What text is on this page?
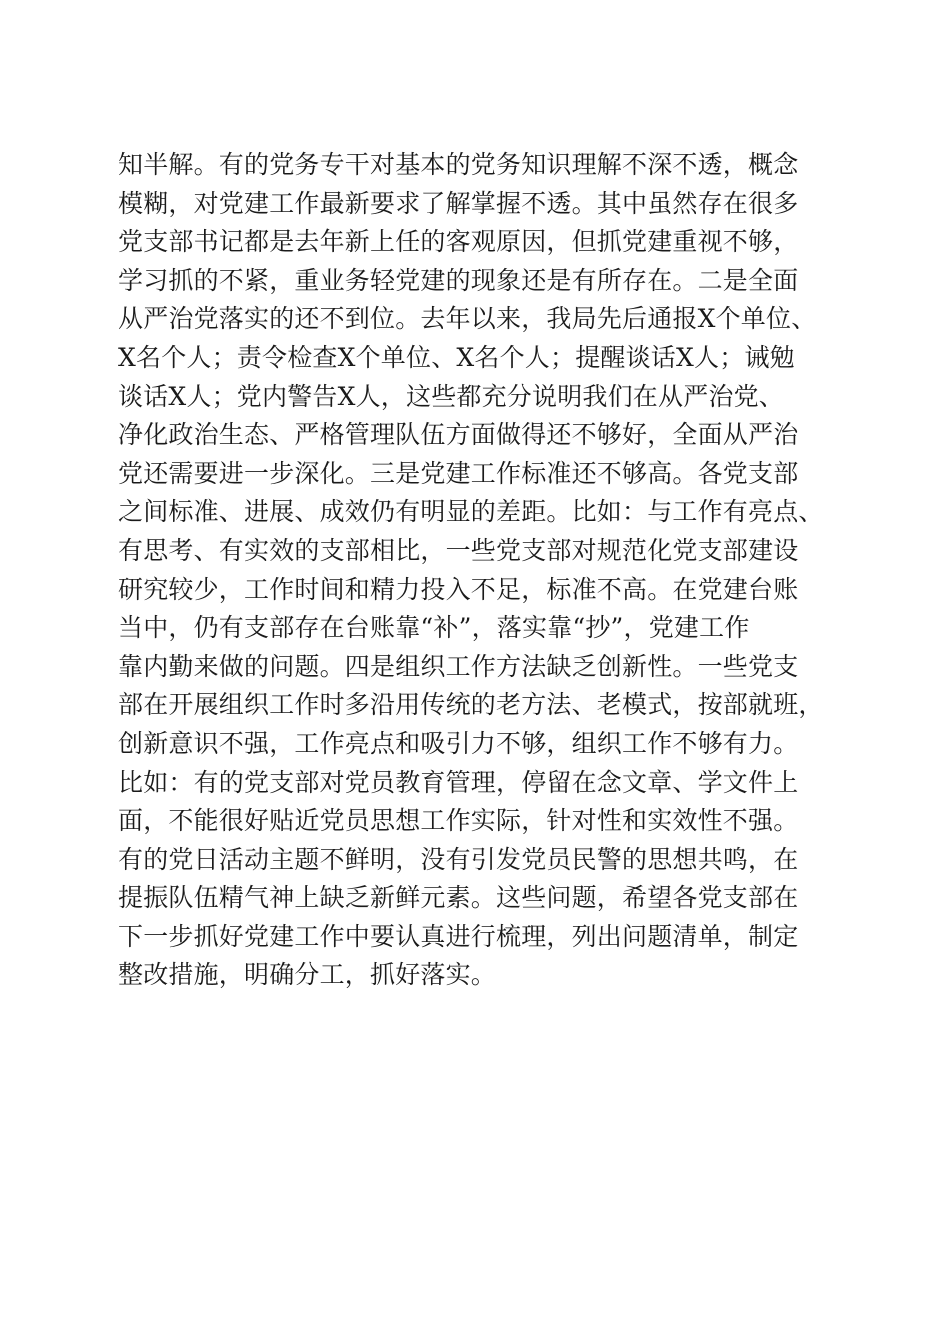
知半解。有的党务专干对基本的党务知识理解不深不透，概念
模糊，对党建工作最新要求了解掌握不透。其中虽然存在很多
党支部书记都是去年新上任的客观原因，但抓党建重视不够，
学习抓的不紧，重业务轻党建的现象还是有所存在。二是全面
从严治党落实的还不到位。去年以来，我局先后通报X个单位、
X名个人；责令检查X个单位、X名个人；提醒谈话X人；诫勉
谈话X人；党内警告X人，这些都充分说明我们在从严治党、
净化政治生态、严格管理队伍方面做得还不够好，全面从严治
党还需要进一步深化。三是党建工作标准还不够高。各党支部
之间标准、进展、成效仍有明显的差距。比如：与工作有亮点、
有思考、有实效的支部相比，一些党支部对规范化党支部建设
研究较少，工作时间和精力投入不足，标准不高。在党建台账
当中，仍有支部存在台账靠“补”，落实靠“抄”，党建工作
靠内勤来做的问题。四是组织工作方法缺乏创新性。一些党支
部在开展组织工作时多沿用传统的老方法、老模式，按部就班，
创新意识不强，工作亮点和吸引力不够，组织工作不够有力。
比如：有的党支部对党员教育管理，停留在念文章、学文件上
面，不能很好贴近党员思想工作实际，针对性和实效性不强。
有的党日活动主题不鲜明，没有引发党员民警的思想共鸣，在
提振队伍精气神上缺乏新鲜元素。这些问题，希望各党支部在
下一步抓好党建工作中要认真进行梳理，列出问题清单，制定
整改措施，明确分工，抓好落实。
